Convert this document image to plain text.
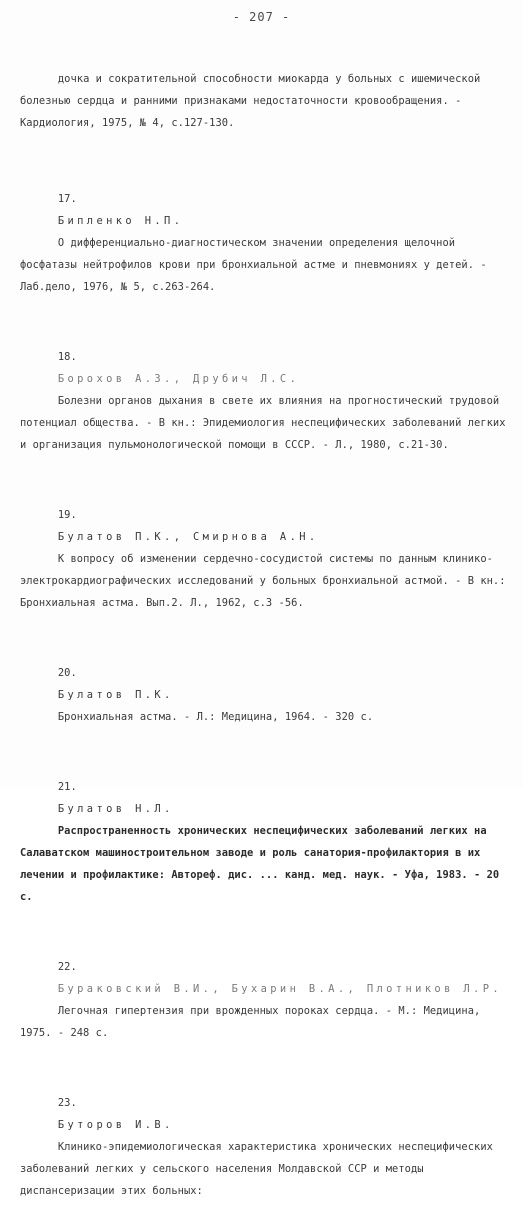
- 207 -

дочка и сократительной способности миокарда у больных с ишемической болезнью сердца и ранними признаками недостаточности кровообращения. - Кардиология, 1975, № 4, с.127-130.

17.
Бипленко Н.П.
О дифференциально-диагностическом значении определения щелочной фосфатазы нейтрофилов крови при бронхиальной астме и пневмониях у детей. - Лаб.дело, 1976, № 5, с.263-264.

18.
Борохов А.З., Друбич Л.С.
Болезни органов дыхания в свете их влияния на прогностический трудовой потенциал общества. - В кн.: Эпидемиология неспецифических заболеваний легких и организация пульмонологической помощи в СССР. - Л., 1980, с.21-30.

19.
Булатов П.К., Смирнова А.Н.
К вопросу об изменении сердечно-сосудистой системы по данным клинико-электрокардиографических исследований у больных бронхиальной астмой. - В кн.: Бронхиальная астма. Вып.2. Л., 1962, с.3 -56.

20.
Булатов П.К.
Бронхиальная астма. - Л.: Медицина, 1964. - 320 с.

21.
Булатов Н.Л.
Распространенность хронических неспецифических заболеваний легких на Салаватском машиностроительном заводе и роль санатория-профилактория в их лечении и профилактике: Автореф. дис. ... канд. мед. наук. - Уфа, 1983. - 20 с.

22.
Бураковский В.И., Бухарин В.А., Плотников Л.Р.
Легочная гипертензия при врожденных пороках сердца. - М.: Медицина, 1975. - 248 с.

23.
Буторов И.В.
Клинико-эпидемиологическая характеристика хронических неспецифических заболеваний легких у сельского населения Молдавской ССР и методы диспансеризации этих больных:
